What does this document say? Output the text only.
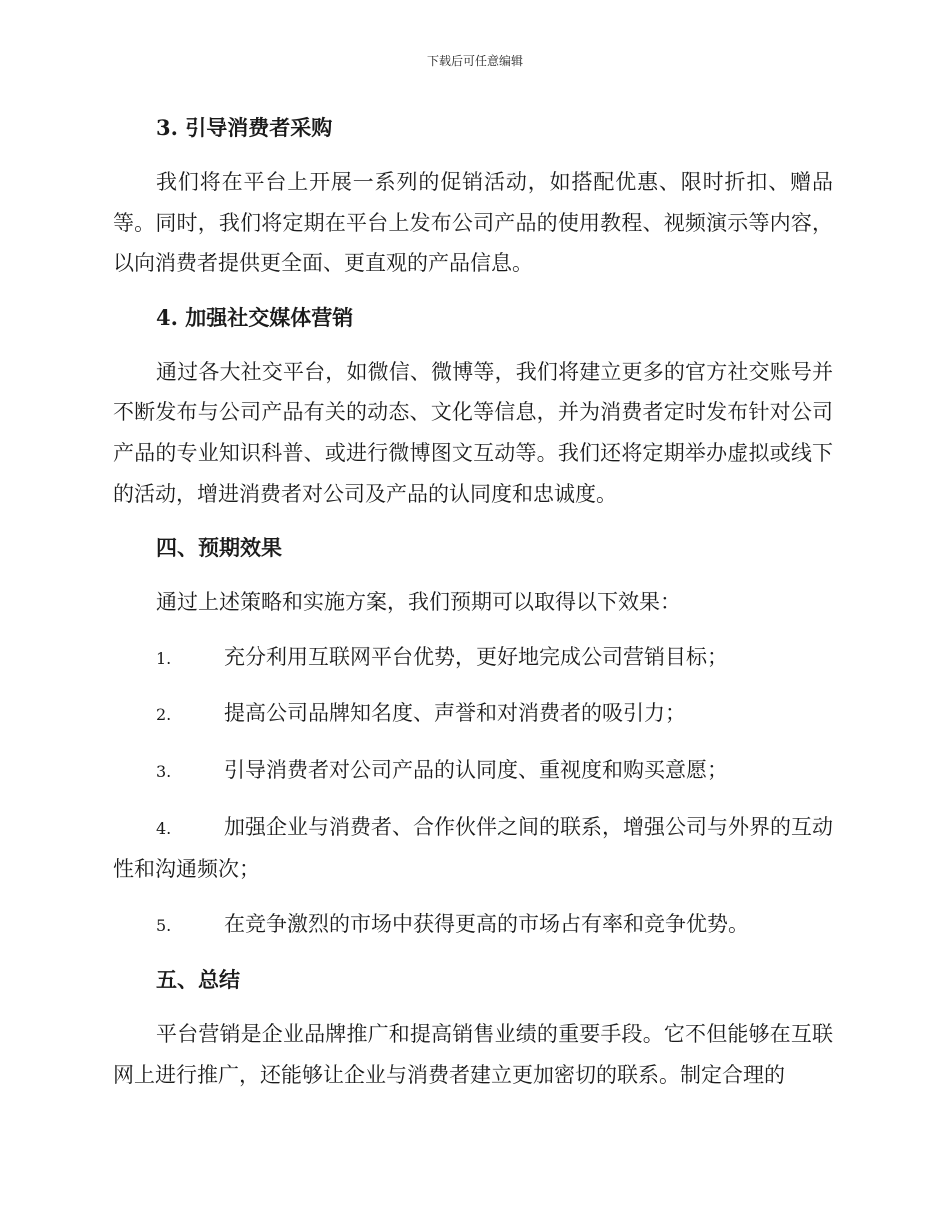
下载后可任意编辑
3. 引导消费者采购

我们将在平台上开展一系列的促销活动，如搭配优惠、限时折扣、赠品等。同时，我们将定期在平台上发布公司产品的使用教程、视频演示等内容，以向消费者提供更全面、更直观的产品信息。

4. 加强社交媒体营销

通过各大社交平台，如微信、微博等，我们将建立更多的官方社交账号并不断发布与公司产品有关的动态、文化等信息，并为消费者定时发布针对公司产品的专业知识科普、或进行微博图文互动等。我们还将定期举办虚拟或线下的活动，增进消费者对公司及产品的认同度和忠诚度。

四、预期效果

通过上述策略和实施方案，我们预期可以取得以下效果：

1.	充分利用互联网平台优势，更好地完成公司营销目标；

2.	提高公司品牌知名度、声誉和对消费者的吸引力；

3.	引导消费者对公司产品的认同度、重视度和购买意愿；

4.	加强企业与消费者、合作伙伴之间的联系，增强公司与外界的互动性和沟通频次；

5.	在竞争激烈的市场中获得更高的市场占有率和竞争优势。

五、总结

平台营销是企业品牌推广和提高销售业绩的重要手段。它不但能够在互联网上进行推广，还能够让企业与消费者建立更加密切的联系。制定合理的
